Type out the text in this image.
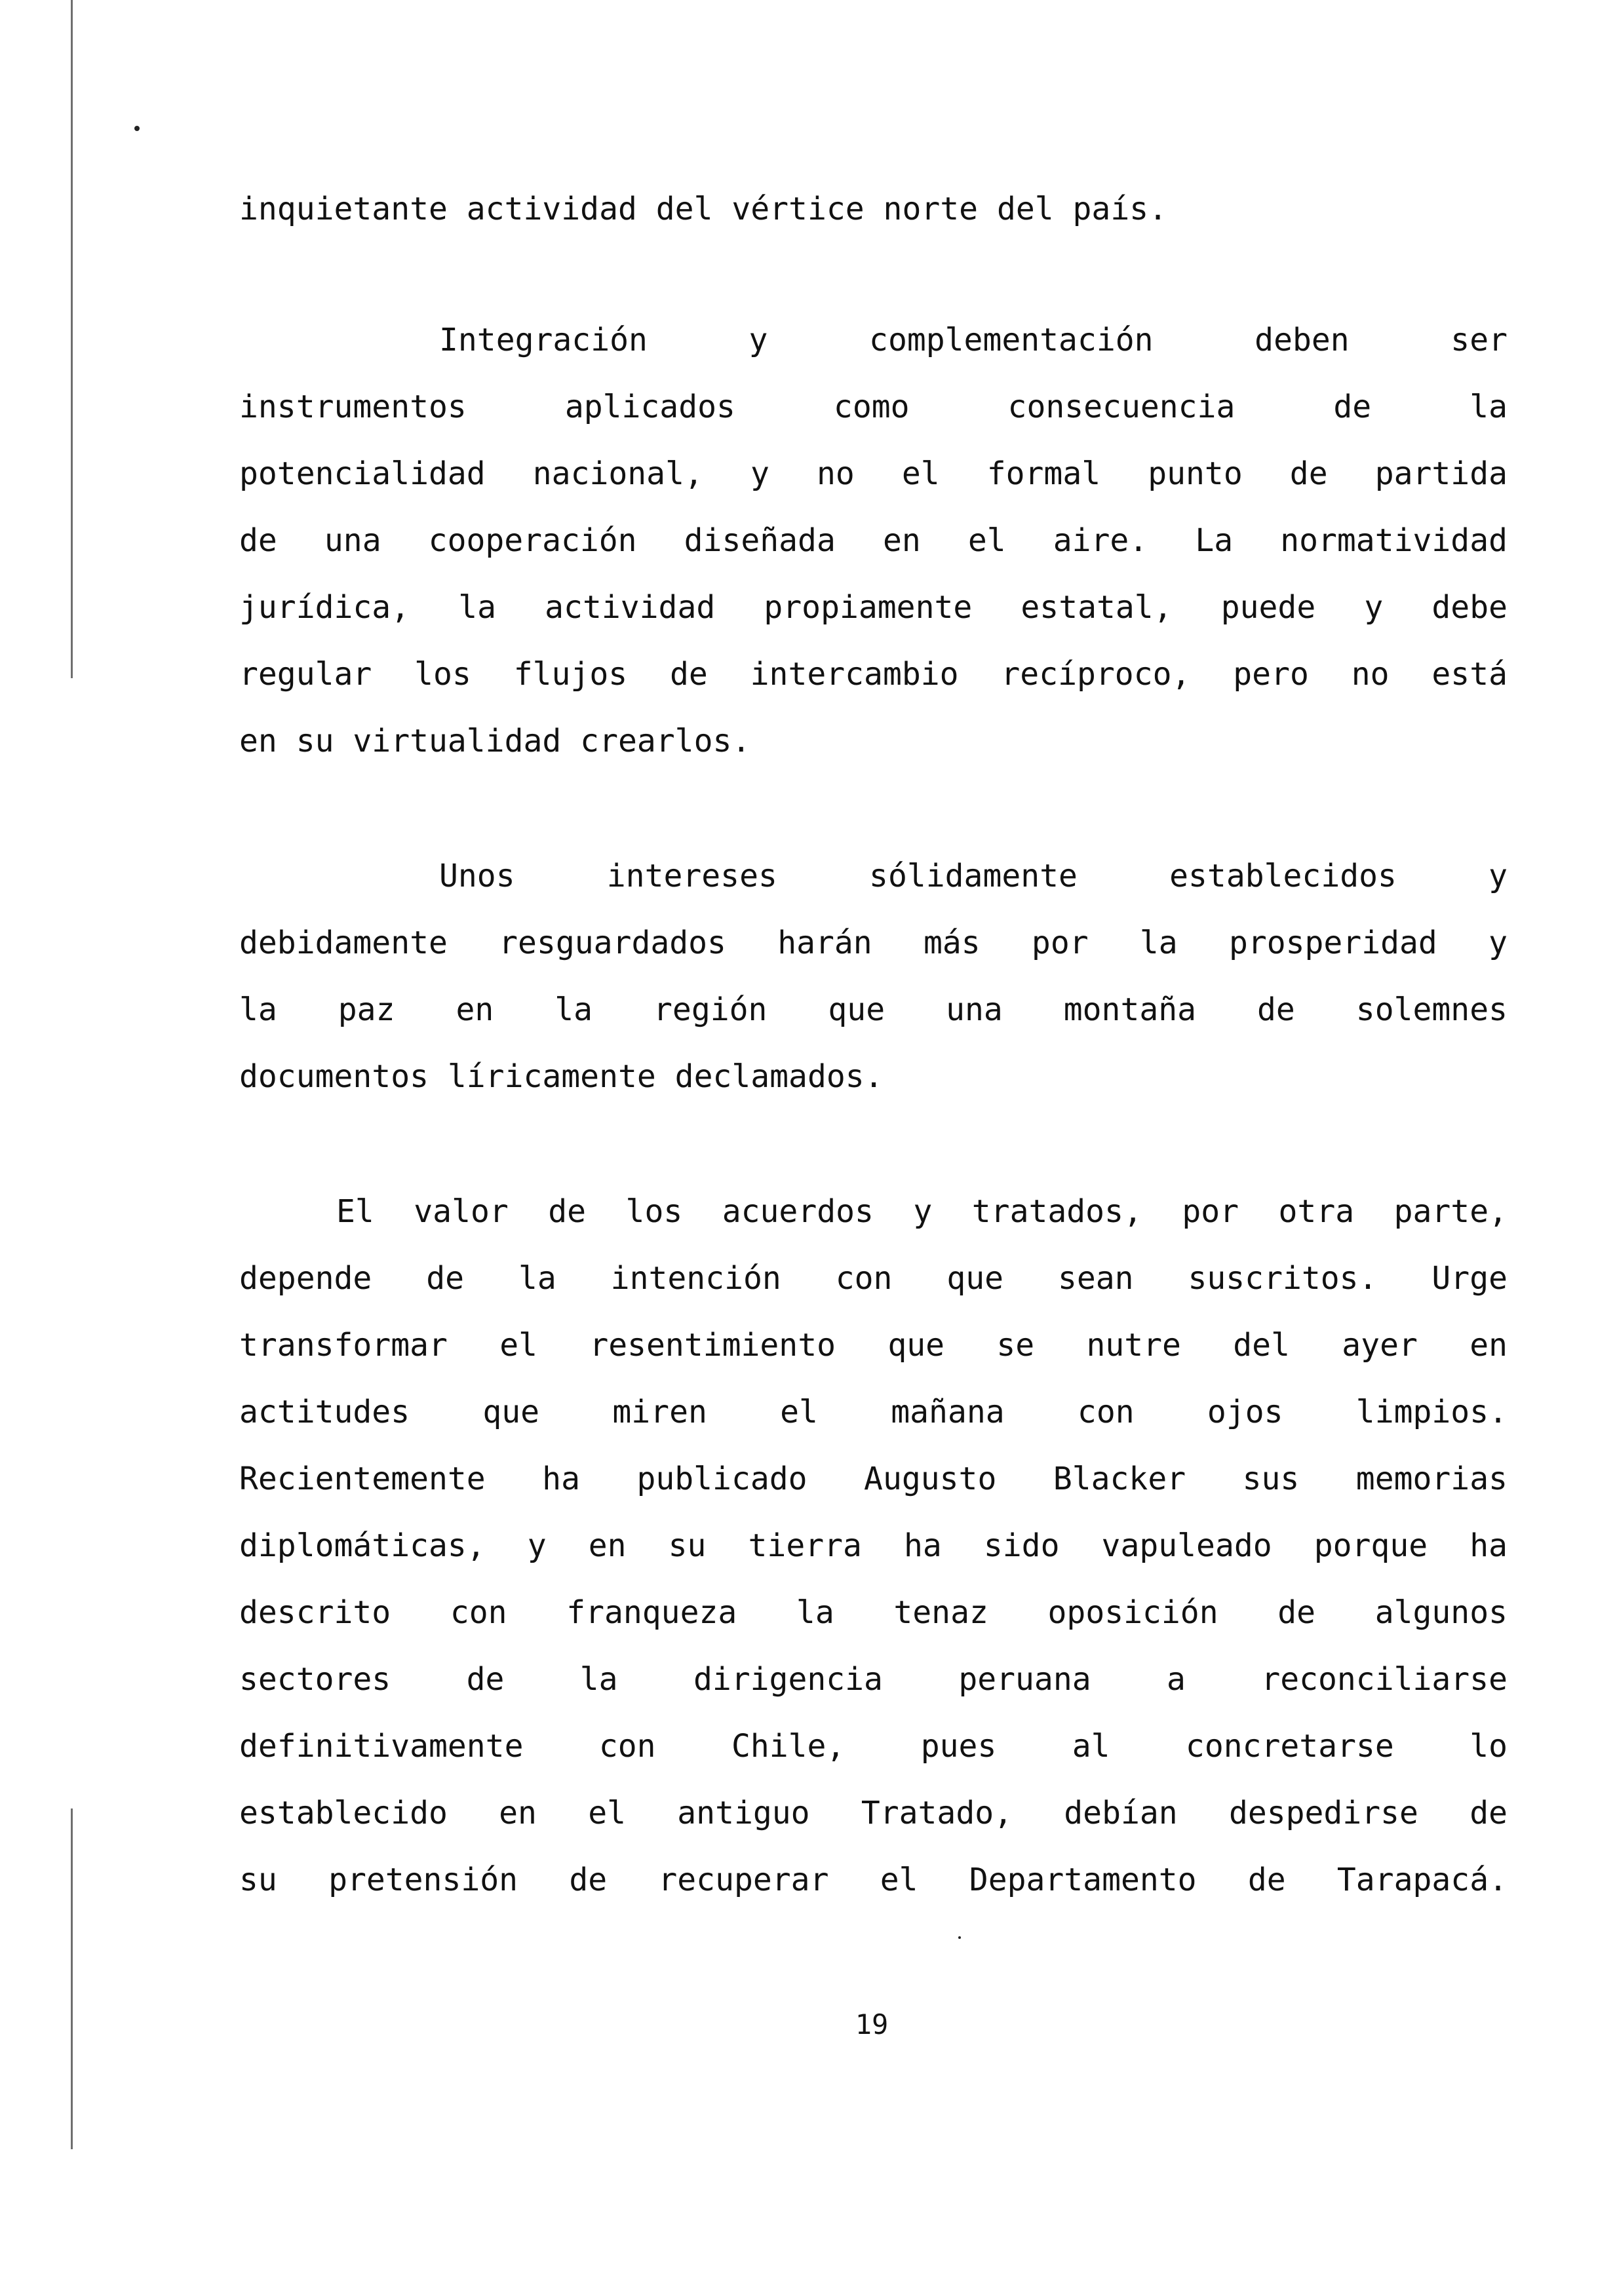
inquietante actividad del vértice norte del país.
Integración y complementación deben ser
instrumentos aplicados como consecuencia de la
potencialidad nacional, y no el formal punto de partida
de una cooperación diseñada en el aire. La normatividad
jurídica, la actividad propiamente estatal, puede y debe
regular los flujos de intercambio recíproco, pero no está
en su virtualidad crearlos.
Unos intereses sólidamente establecidos y
debidamente resguardados harán más por la prosperidad y
la paz en la región que una montaña de solemnes
documentos líricamente declamados.
El valor de los acuerdos y tratados, por otra parte,
depende de la intención con que sean suscritos. Urge
transformar el resentimiento que se nutre del ayer en
actitudes que miren el mañana con ojos limpios.
Recientemente ha publicado Augusto Blacker sus memorias
diplomáticas, y en su tierra ha sido vapuleado porque ha
descrito con franqueza la tenaz oposición de algunos
sectores de la dirigencia peruana a reconciliarse
definitivamente con Chile, pues al concretarse lo
establecido en el antiguo Tratado, debían despedirse de
su pretensión de recuperar el Departamento de Tarapacá.
19
